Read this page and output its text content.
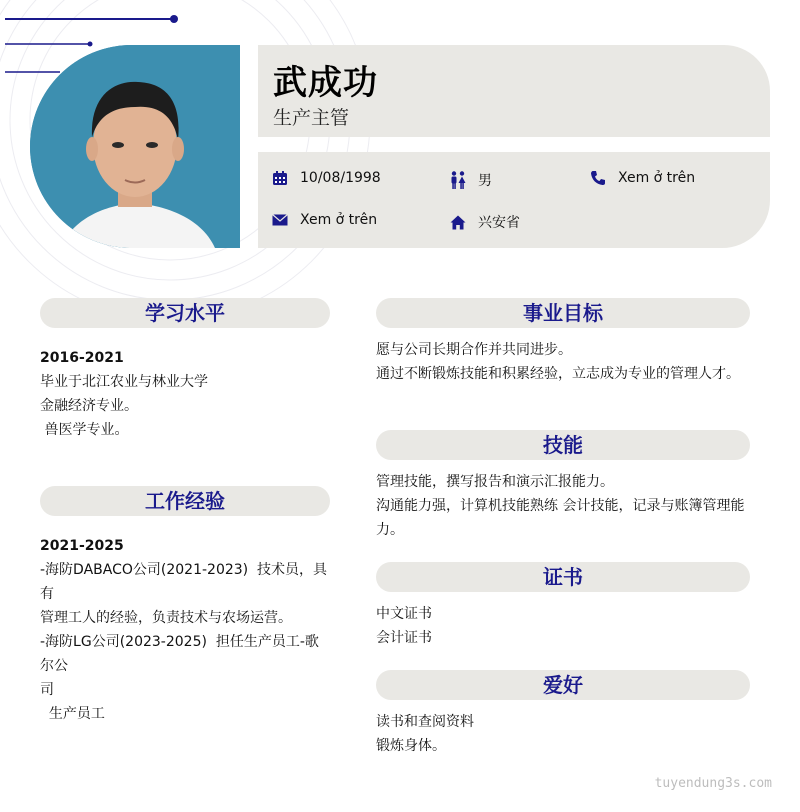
武成功
生产主管
10/08/1998	男	Xem ở trên
Xem ở trên	兴安省
学习水平
2016-2021
毕业于北江农业与林业大学
金融经济专业。
兽医学专业。
工作经验
2021-2025
-海防DABACO公司(2021-2023)  技术员，具有
管理工人的经验，负责技术与农场运营。
-海防LG公司(2023-2025)  担任生产员工-歌尔公
司
生产员工
事业目标
愿与公司长期合作并共同进步。
通过不断锻炼技能和积累经验，立志成为专业的管理人才。
技能
管理技能，撰写报告和演示汇报能力。
沟通能力强，计算机技能熟练 会计技能，记录与账簿管理能
力。
证书
中文证书
会计证书
爱好
读书和查阅资料
锻炼身体。
tuyendung3s.com
